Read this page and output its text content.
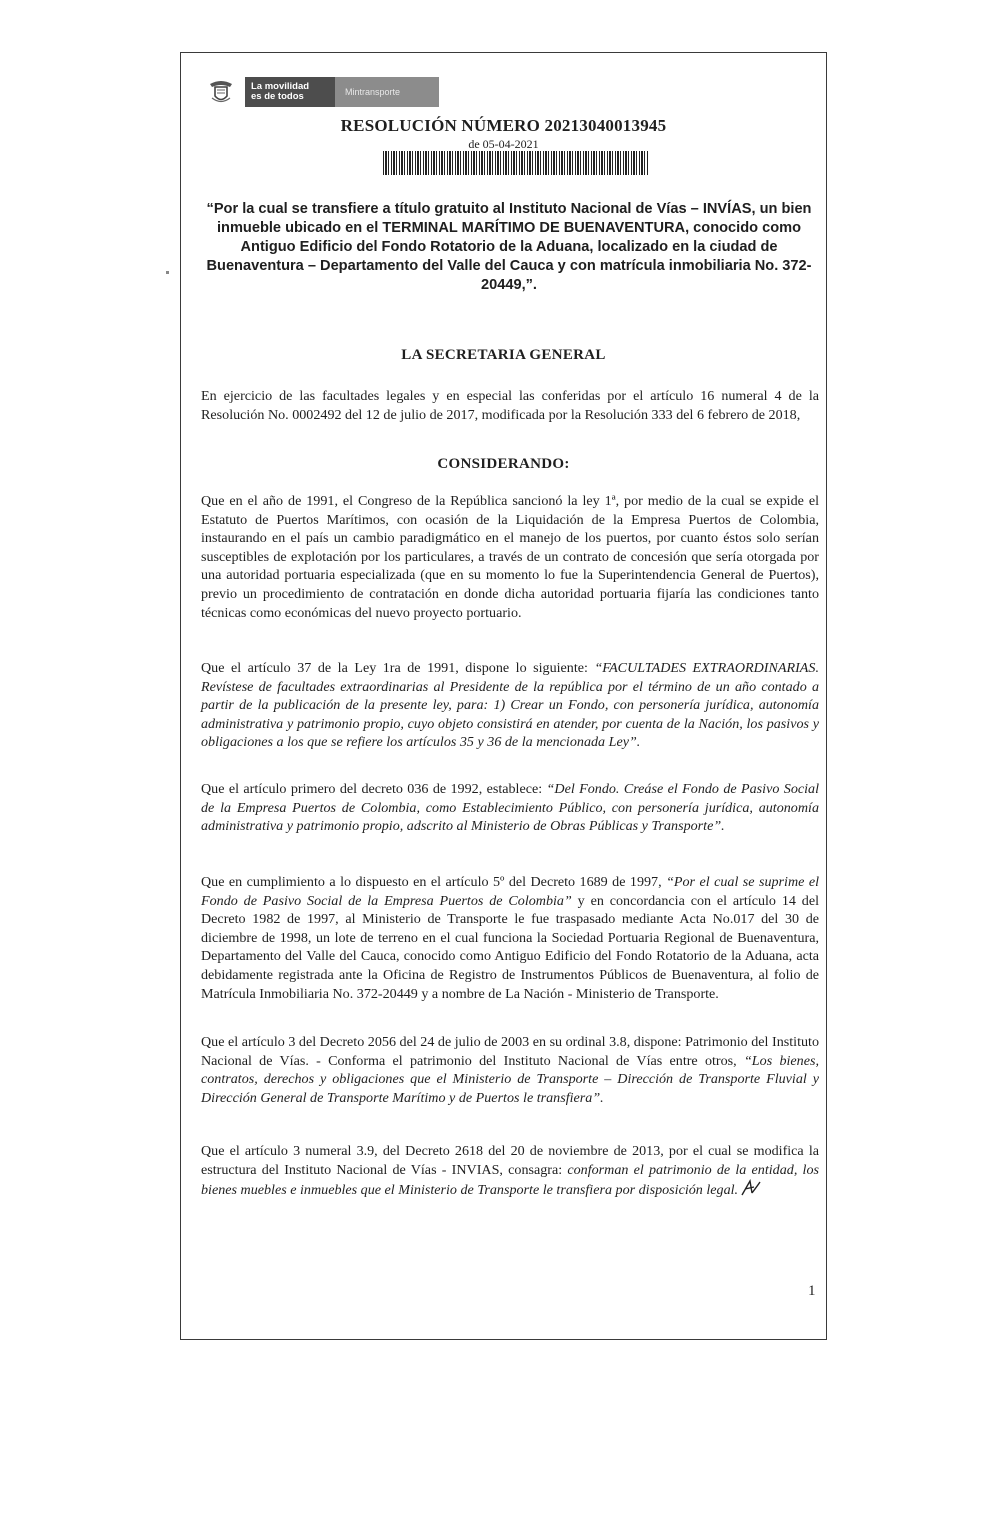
La movilidad
es de todos	Mintransporte
RESOLUCIÓN NÚMERO 20213040013945
de 05-04-2021
“Por la cual se transfiere a título gratuito al Instituto Nacional de Vías – INVÍAS, un bien inmueble ubicado en el TERMINAL MARÍTIMO DE BUENAVENTURA, conocido como Antiguo Edificio del Fondo Rotatorio de la Aduana, localizado en la ciudad de Buenaventura – Departamento del Valle del Cauca y con matrícula inmobiliaria No. 372-20449,”.
LA SECRETARIA GENERAL
En ejercicio de las facultades legales y en especial las conferidas por el artículo 16 numeral 4 de la Resolución No. 0002492 del 12 de julio de 2017, modificada por la Resolución 333 del 6 febrero de 2018,
CONSIDERANDO:
Que en el año de 1991, el Congreso de la República sancionó la ley 1ª, por medio de la cual se expide el Estatuto de Puertos Marítimos, con ocasión de la Liquidación de la Empresa Puertos de Colombia, instaurando en el país un cambio paradigmático en el manejo de los puertos, por cuanto éstos solo serían susceptibles de explotación por los particulares, a través de un contrato de concesión que sería otorgada por una autoridad portuaria especializada (que en su momento lo fue la Superintendencia General de Puertos), previo un procedimiento de contratación en donde dicha autoridad portuaria fijaría las condiciones tanto técnicas como económicas del nuevo proyecto portuario.
Que el artículo 37 de la Ley 1ra de 1991, dispone lo siguiente: “FACULTADES EXTRAORDINARIAS. Revístese de facultades extraordinarias al Presidente de la república por el término de un año contado a partir de la publicación de la presente ley, para: 1) Crear un Fondo, con personería jurídica, autonomía administrativa y patrimonio propio, cuyo objeto consistirá en atender, por cuenta de la Nación, los pasivos y obligaciones a los que se refiere los artículos 35 y 36 de la mencionada Ley”.
Que el artículo primero del decreto 036 de 1992, establece: “Del Fondo. Creáse el Fondo de Pasivo Social de la Empresa Puertos de Colombia, como Establecimiento Público, con personería jurídica, autonomía administrativa y patrimonio propio, adscrito al Ministerio de Obras Públicas y Transporte”.
Que en cumplimiento a lo dispuesto en el artículo 5º del Decreto 1689 de 1997, “Por el cual se suprime el Fondo de Pasivo Social de la Empresa Puertos de Colombia” y en concordancia con el artículo 14 del Decreto 1982 de 1997, al Ministerio de Transporte le fue traspasado mediante Acta No.017 del 30 de diciembre de 1998, un lote de terreno en el cual funciona la Sociedad Portuaria Regional de Buenaventura, Departamento del Valle del Cauca, conocido como Antiguo Edificio del Fondo Rotatorio de la Aduana, acta debidamente registrada ante la Oficina de Registro de Instrumentos Públicos de Buenaventura, al folio de Matrícula Inmobiliaria No. 372-20449 y a nombre de La Nación - Ministerio de Transporte.
Que el artículo 3 del Decreto 2056 del 24 de julio de 2003 en su ordinal 3.8, dispone: Patrimonio del Instituto Nacional de Vías. - Conforma el patrimonio del Instituto Nacional de Vías entre otros, “Los bienes, contratos, derechos y obligaciones que el Ministerio de Transporte – Dirección de Transporte Fluvial y Dirección General de Transporte Marítimo y de Puertos le transfiera”.
Que el artículo 3 numeral 3.9, del Decreto 2618 del 20 de noviembre de 2013, por el cual se modifica la estructura del Instituto Nacional de Vías - INVIAS, consagra: conforman el patrimonio de la entidad, los bienes muebles e inmuebles que el Ministerio de Transporte le transfiera por disposición legal.
1
